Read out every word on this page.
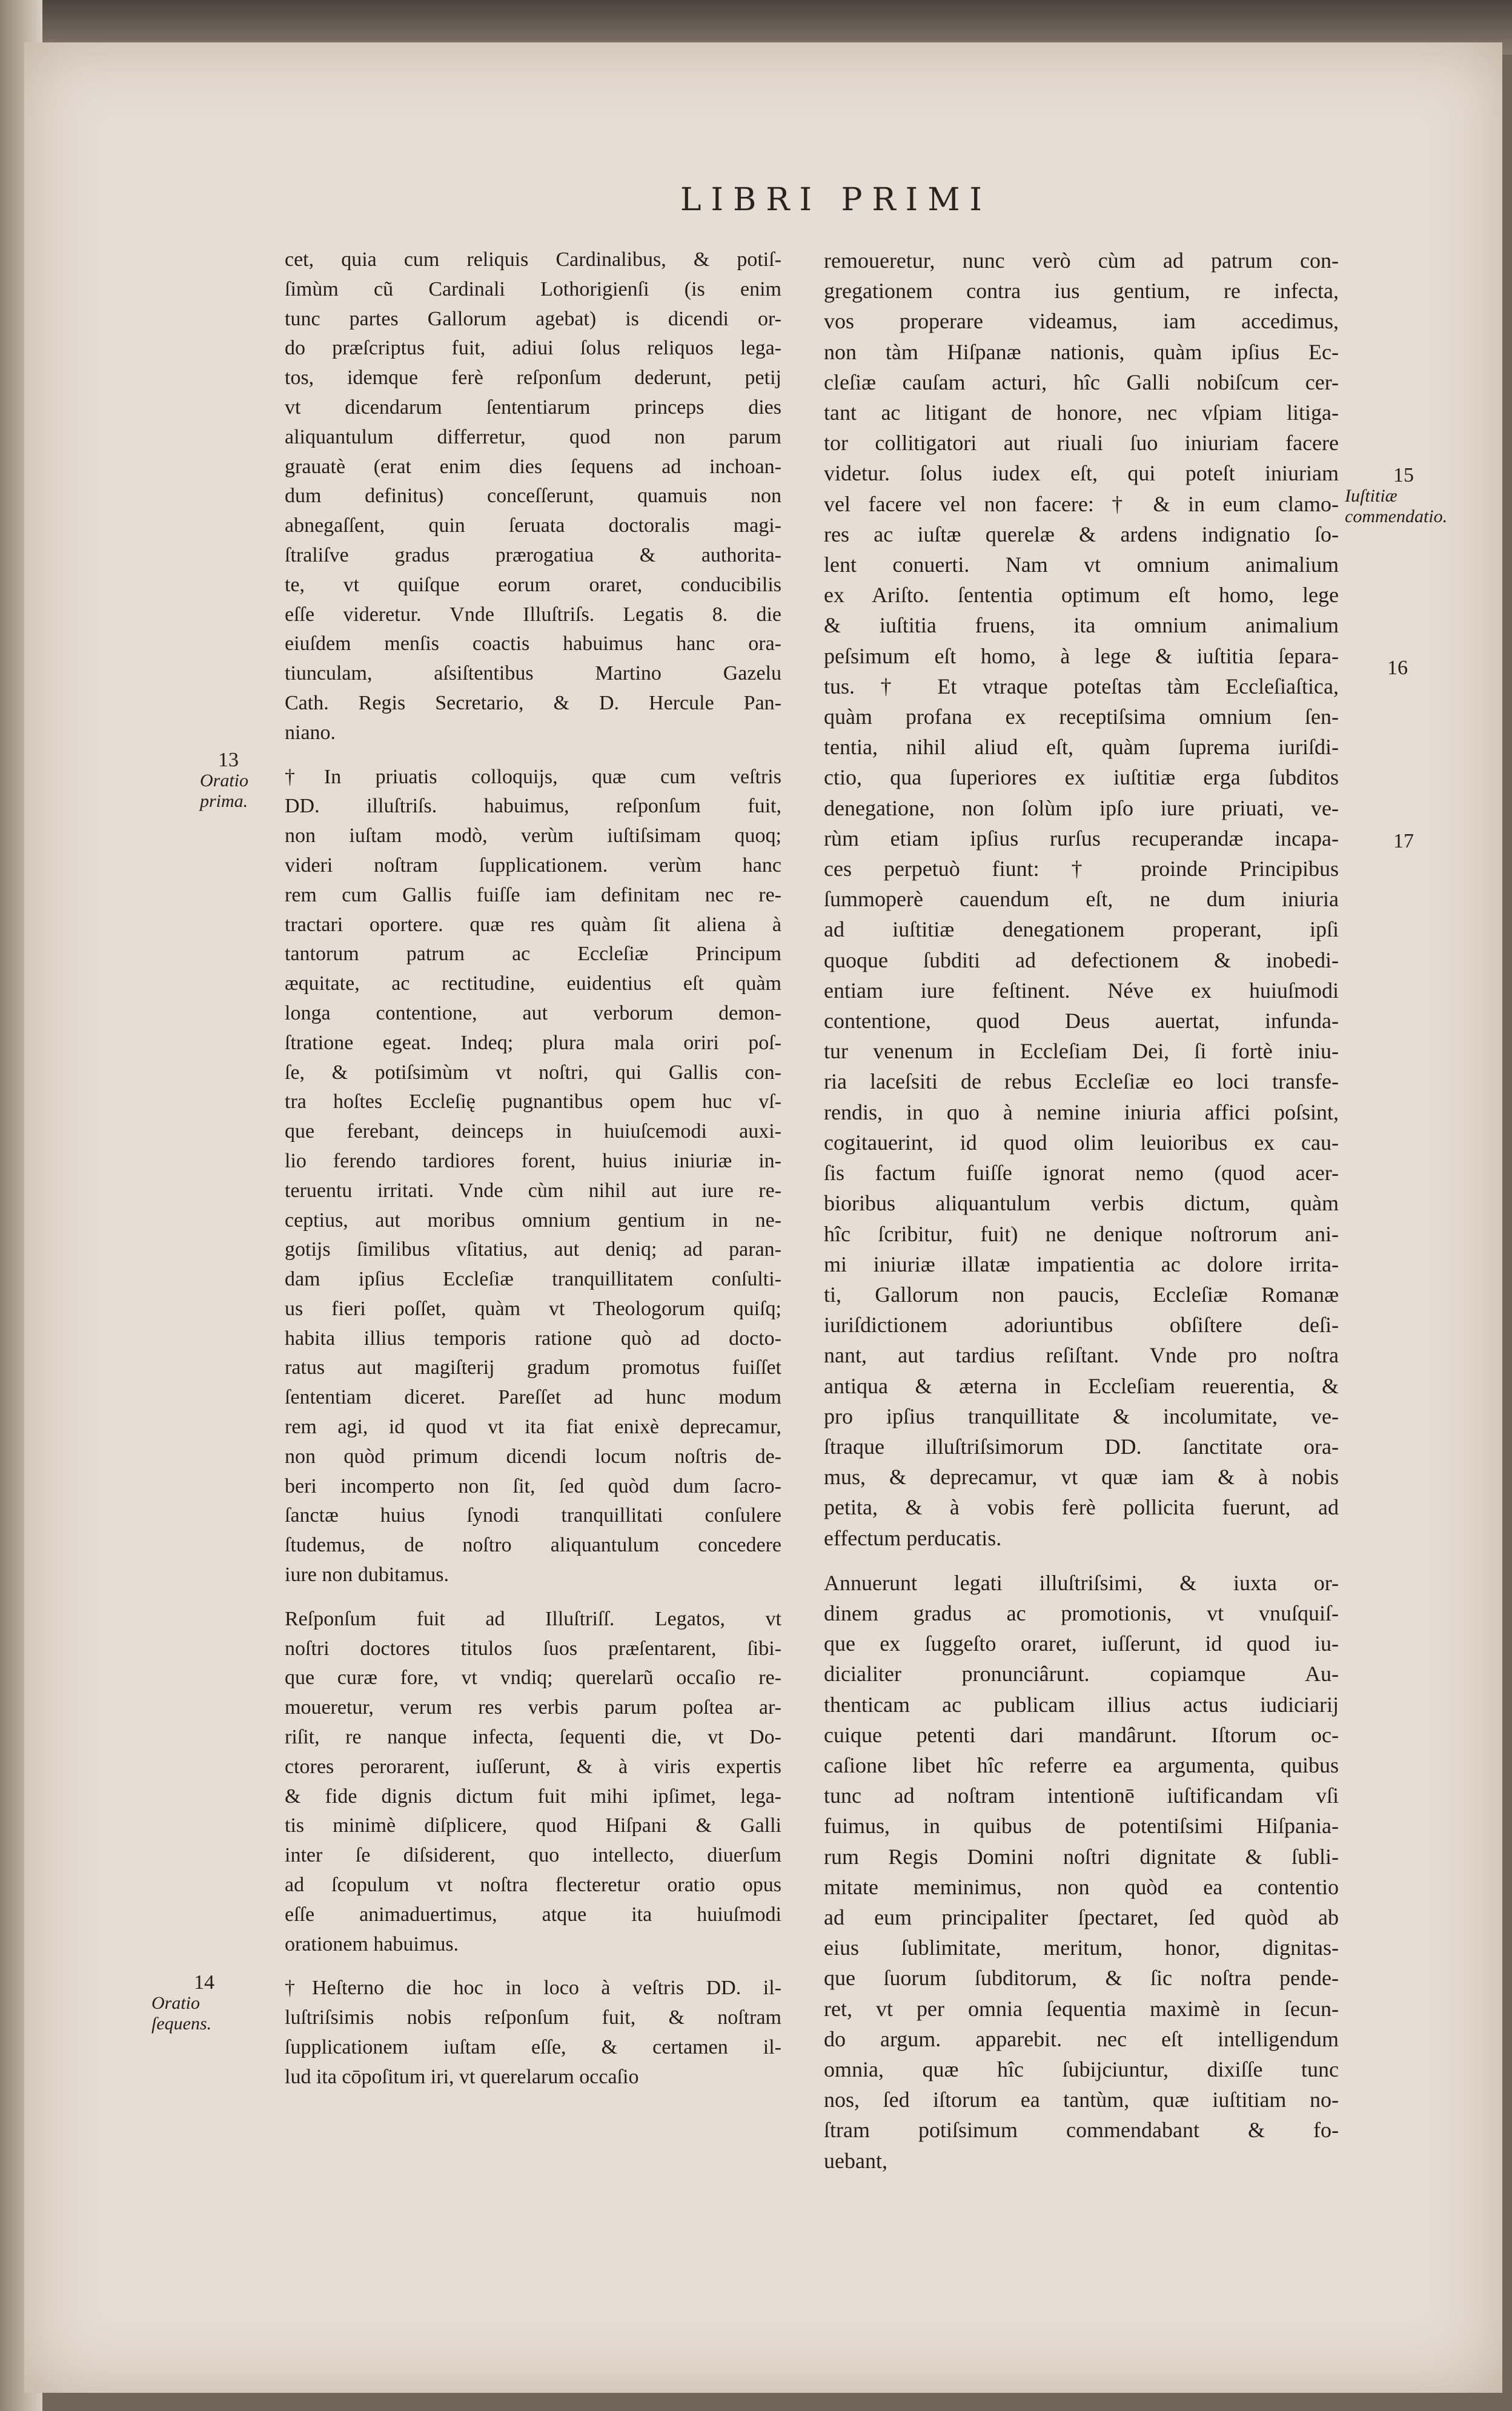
LIBRI PRIMI
cet, quia cum reliquis Cardinalibus, & potiſ-
ſimùm cũ Cardinali Lothorigienſi (is enim
tunc partes Gallorum agebat) is dicendi or-
do præſcriptus fuit, adiui ſolus reliquos lega-
tos, idemque ferè reſponſum dederunt, petij
vt dicendarum ſententiarum princeps dies
aliquantulum differretur, quod non parum
grauatè (erat enim dies ſequens ad inchoan-
dum definitus) conceſſerunt, quamuis non
abnegaſſent, quin ſeruata doctoralis magi-
ſtraliſve gradus prærogatiua & authorita-
te, vt quiſque eorum oraret, conducibilis
eſſe videretur. Vnde Illuſtriſs. Legatis 8. die
eiuſdem menſis coactis habuimus hanc ora-
tiunculam, aſsiſtentibus Martino Gazelu
Cath. Regis Secretario, & D. Hercule Pan-
niano.
†In priuatis colloquijs, quæ cum veſtris
DD. illuſtriſs. habuimus, reſponſum fuit,
non iuſtam modò, verùm iuſtiſsimam quoq;
videri noſtram ſupplicationem. verùm hanc
rem cum Gallis fuiſſe iam definitam nec re-
tractari oportere. quæ res quàm ſit aliena à
tantorum patrum ac Eccleſiæ Principum
æquitate, ac rectitudine, euidentius eſt quàm
longa contentione, aut verborum demon-
ſtratione egeat. Indeq; plura mala oriri poſ-
ſe, & potiſsimùm vt noſtri, qui Gallis con-
tra hoſtes Eccleſię pugnantibus opem huc vſ-
que ferebant, deinceps in huiuſcemodi auxi-
lio ferendo tardiores forent, huius iniuriæ in-
teruentu irritati. Vnde cùm nihil aut iure re-
ceptius, aut moribus omnium gentium in ne-
gotijs ſimilibus vſitatius, aut deniq; ad paran-
dam ipſius Eccleſiæ tranquillitatem conſulti-
us fieri poſſet, quàm vt Theologorum quiſq;
habita illius temporis ratione quò ad docto-
ratus aut magiſterij gradum promotus fuiſſet
ſententiam diceret. Pareſſet ad hunc modum
rem agi, id quod vt ita fiat enixè deprecamur,
non quòd primum dicendi locum noſtris de-
beri incomperto non ſit, ſed quòd dum ſacro-
ſanctæ huius ſynodi tranquillitati conſulere
ſtudemus, de noſtro aliquantulum concedere
iure non dubitamus.
Reſponſum fuit ad Illuſtriſſ. Legatos, vt
noſtri doctores titulos ſuos præſentarent, ſibi-
que curæ fore, vt vndiq; querelarũ occaſio re-
moueretur, verum res verbis parum poſtea ar-
riſit, re nanque infecta, ſequenti die, vt Do-
ctores perorarent, iuſſerunt, & à viris expertis
& fide dignis dictum fuit mihi ipſimet, lega-
tis minimè diſplicere, quod Hiſpani & Galli
inter ſe diſsiderent, quo intellecto, diuerſum
ad ſcopulum vt noſtra flecteretur oratio opus
eſſe animaduertimus, atque ita huiuſmodi
orationem habuimus.
†Heſterno die hoc in loco à veſtris DD. il-
luſtriſsimis nobis reſponſum fuit, & noſtram
ſupplicationem iuſtam eſſe, & certamen il-
lud ita cōpoſitum iri, vt querelarum occaſio
remoueretur, nunc verò cùm ad patrum con-
gregationem contra ius gentium, re infecta,
vos properare videamus, iam accedimus,
non tàm Hiſpanæ nationis, quàm ipſius Ec-
cleſiæ cauſam acturi, hîc Galli nobiſcum cer-
tant ac litigant de honore, nec vſpiam litiga-
tor collitigatori aut riuali ſuo iniuriam facere
videtur. ſolus iudex eſt, qui poteſt iniuriam
vel facere vel non facere: † & in eum clamo-
res ac iuſtæ querelæ & ardens indignatio ſo-
lent conuerti. Nam vt omnium animalium
ex Ariſto. ſententia optimum eſt homo, lege
& iuſtitia fruens, ita omnium animalium
peſsimum eſt homo, à lege & iuſtitia ſepara-
tus. † Et vtraque poteſtas tàm Eccleſiaſtica,
quàm profana ex receptiſsima omnium ſen-
tentia, nihil aliud eſt, quàm ſuprema iuriſdi-
ctio, qua ſuperiores ex iuſtitiæ erga ſubditos
denegatione, non ſolùm ipſo iure priuati, ve-
rùm etiam ipſius rurſus recuperandæ incapa-
ces perpetuò fiunt: † proinde Principibus
ſummoperè cauendum eſt, ne dum iniuria
ad iuſtitiæ denegationem properant, ipſi
quoque ſubditi ad defectionem & inobedi-
entiam iure feſtinent. Néve ex huiuſmodi
contentione, quod Deus auertat, infunda-
tur venenum in Eccleſiam Dei, ſi fortè iniu-
ria laceſsiti de rebus Eccleſiæ eo loci transfe-
rendis, in quo à nemine iniuria affici poſsint,
cogitauerint, id quod olim leuioribus ex cau-
ſis factum fuiſſe ignorat nemo (quod acer-
bioribus aliquantulum verbis dictum, quàm
hîc ſcribitur, fuit) ne denique noſtrorum ani-
mi iniuriæ illatæ impatientia ac dolore irrita-
ti, Gallorum non paucis, Eccleſiæ Romanæ
iuriſdictionem adoriuntibus obſiſtere deſi-
nant, aut tardius reſiſtant. Vnde pro noſtra
antiqua & æterna in Eccleſiam reuerentia, &
pro ipſius tranquillitate & incolumitate, ve-
ſtraque illuſtriſsimorum DD. ſanctitate ora-
mus, & deprecamur, vt quæ iam & à nobis
petita, & à vobis ferè pollicita fuerunt, ad
effectum perducatis.
Annuerunt legati illuſtriſsimi, & iuxta or-
dinem gradus ac promotionis, vt vnuſquiſ-
que ex ſuggeſto oraret, iuſſerunt, id quod iu-
dicialiter pronunciârunt. copiamque Au-
thenticam ac publicam illius actus iudiciarij
cuique petenti dari mandârunt. Iſtorum oc-
caſione libet hîc referre ea argumenta, quibus
tunc ad noſtram intentionē iuſtificandam vſi
fuimus, in quibus de potentiſsimi Hiſpania-
rum Regis Domini noſtri dignitate & ſubli-
mitate meminimus, non quòd ea contentio
ad eum principaliter ſpectaret, ſed quòd ab
eius ſublimitate, meritum, honor, dignitas-
que ſuorum ſubditorum, & ſic noſtra pende-
ret, vt per omnia ſequentia maximè in ſecun-
do argum. apparebit. nec eſt intelligendum
omnia, quæ hîc ſubijciuntur, dixiſſe tunc
nos, ſed iſtorum ea tantùm, quæ iuſtitiam no-
ſtram potiſsimum commendabant & fo-
uebant,
13
Oratio prima.
14
Oratio ſequens.
15
Iuſtitiæ commendatio.
16
17
